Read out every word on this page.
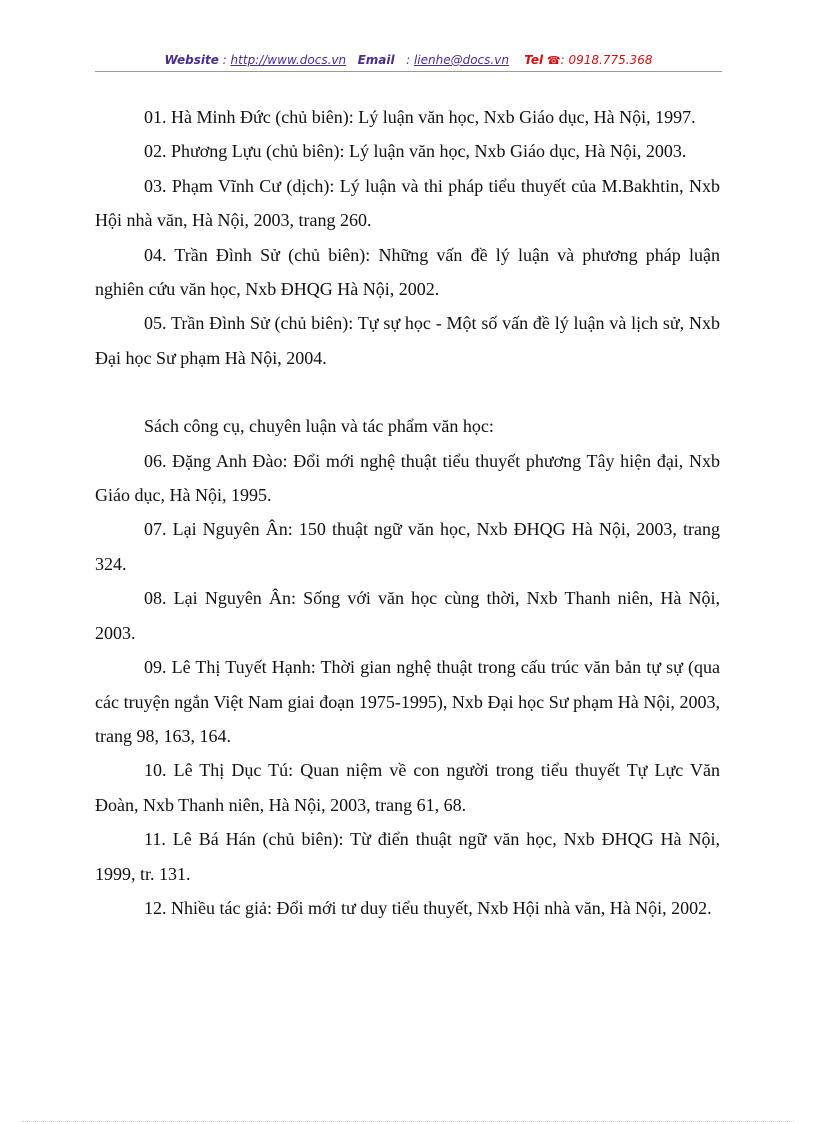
Website : http://www.docs.vn Email : lienhe@docs.vn Tel ☎: 0918.775.368

01. Hà Minh Đức (chủ biên): Lý luận văn học, Nxb Giáo dục, Hà Nội, 1997.

02. Phương Lựu (chủ biên): Lý luận văn học, Nxb Giáo dục, Hà Nội, 2003.

03. Phạm Vĩnh Cư (dịch): Lý luận và thi pháp tiểu thuyết của M.Bakhtin, Nxb Hội nhà văn, Hà Nội, 2003, trang 260.

04. Trần Đình Sử (chủ biên): Những vấn đề lý luận và phương pháp luận nghiên cứu văn học, Nxb ĐHQG Hà Nội, 2002.

05. Trần Đình Sử (chủ biên): Tự sự học - Một số vấn đề lý luận và lịch sử, Nxb Đại học Sư phạm Hà Nội, 2004.

Sách công cụ, chuyên luận và tác phẩm văn học:

06. Đặng Anh Đào: Đổi mới nghệ thuật tiểu thuyết phương Tây hiện đại, Nxb Giáo dục, Hà Nội, 1995.

07. Lại Nguyên Ân: 150 thuật ngữ văn học, Nxb ĐHQG Hà Nội, 2003, trang 324.

08. Lại Nguyên Ân: Sống với văn học cùng thời, Nxb Thanh niên, Hà Nội, 2003.

09. Lê Thị Tuyết Hạnh: Thời gian nghệ thuật trong cấu trúc văn bản tự sự (qua các truyện ngắn Việt Nam giai đoạn 1975-1995), Nxb Đại học Sư phạm Hà Nội, 2003, trang 98, 163, 164.

10. Lê Thị Dục Tú: Quan niệm về con người trong tiểu thuyết Tự Lực Văn Đoàn, Nxb Thanh niên, Hà Nội, 2003, trang 61, 68.

11. Lê Bá Hán (chủ biên): Từ điển thuật ngữ văn học, Nxb ĐHQG Hà Nội, 1999, tr. 131.

12. Nhiều tác giả: Đổi mới tư duy tiểu thuyết, Nxb Hội nhà văn, Hà Nội, 2002.
